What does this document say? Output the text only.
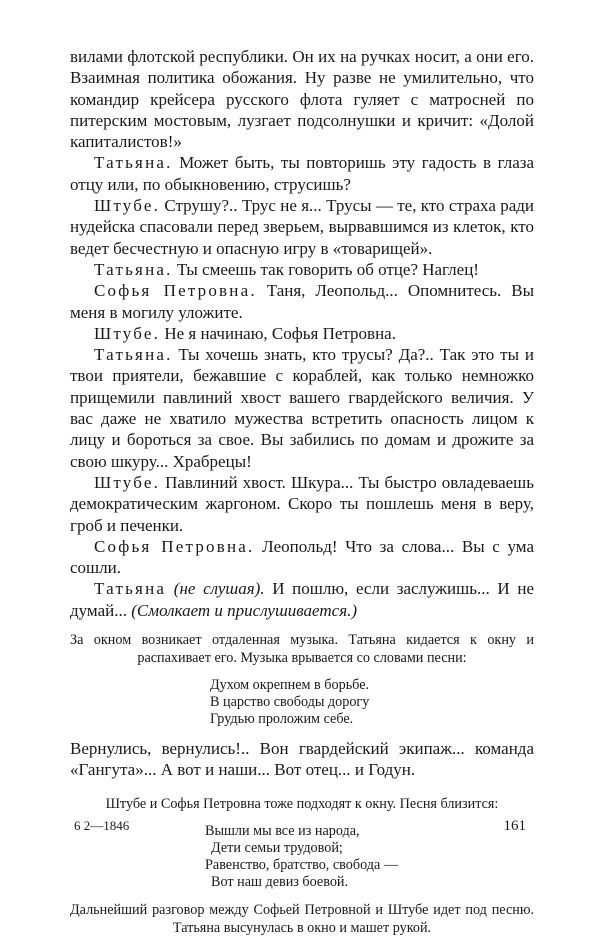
вилами флотской республики. Он их на ручках носит, а они его. Взаимная политика обожания. Ну разве не умилительно, что командир крейсера русского флота гуляет с матросней по питерским мостовым, лузгает подсолнушки и кричит: «Долой капиталистов!»

Татьяна. Может быть, ты повторишь эту гадость в глаза отцу или, по обыкновению, струсишь?

Штубе. Струшу?.. Трус не я... Трусы — те, кто страха ради нудейска спасовали перед зверьем, вырвавшимся из клеток, кто ведет бесчестную и опасную игру в «товарищей».

Татьяна. Ты смеешь так говорить об отце? Наглец!

Софья Петровна. Таня, Леопольд... Опомнитесь. Вы меня в могилу уложите.

Штубе. Не я начинаю, Софья Петровна.

Татьяна. Ты хочешь знать, кто трусы? Да?.. Так это ты и твои приятели, бежавшие с кораблей, как только немножко прищемили павлиний хвост вашего гвардейского величия. У вас даже не хватило мужества встретить опасность лицом к лицу и бороться за свое. Вы забились по домам и дрожите за свою шкуру... Храбрецы!

Штубе. Павлиний хвост. Шкура... Ты быстро овладеваешь демократическим жаргоном. Скоро ты пошлешь меня в веру, гроб и печенки.

Софья Петровна. Леопольд! Что за слова... Вы с ума сошли.

Татьяна (не слушая). И пошлю, если заслужишь... И не думай... (Смолкает и прислушивается.)

За окном возникает отдаленная музыка. Татьяна кидается к окну и распахивает его. Музыка врывается со словами песни:

Духом окрепнем в борьбе.
В царство свободы дорогу
Грудью проложим себе.

Вернулись, вернулись!.. Вон гвардейский экипаж... команда «Гангута»... А вот и наши... Вот отец... и Годун.

Штубе и Софья Петровна тоже подходят к окну. Песня близится:

Вышли мы все из народа,
Дети семьи трудовой;
Равенство, братство, свобода —
Вот наш девиз боевой.

Дальнейший разговор между Софьей Петровной и Штубе идет под песню. Татьяна высунулась в окно и машет рукой.

6 2—1846	161
